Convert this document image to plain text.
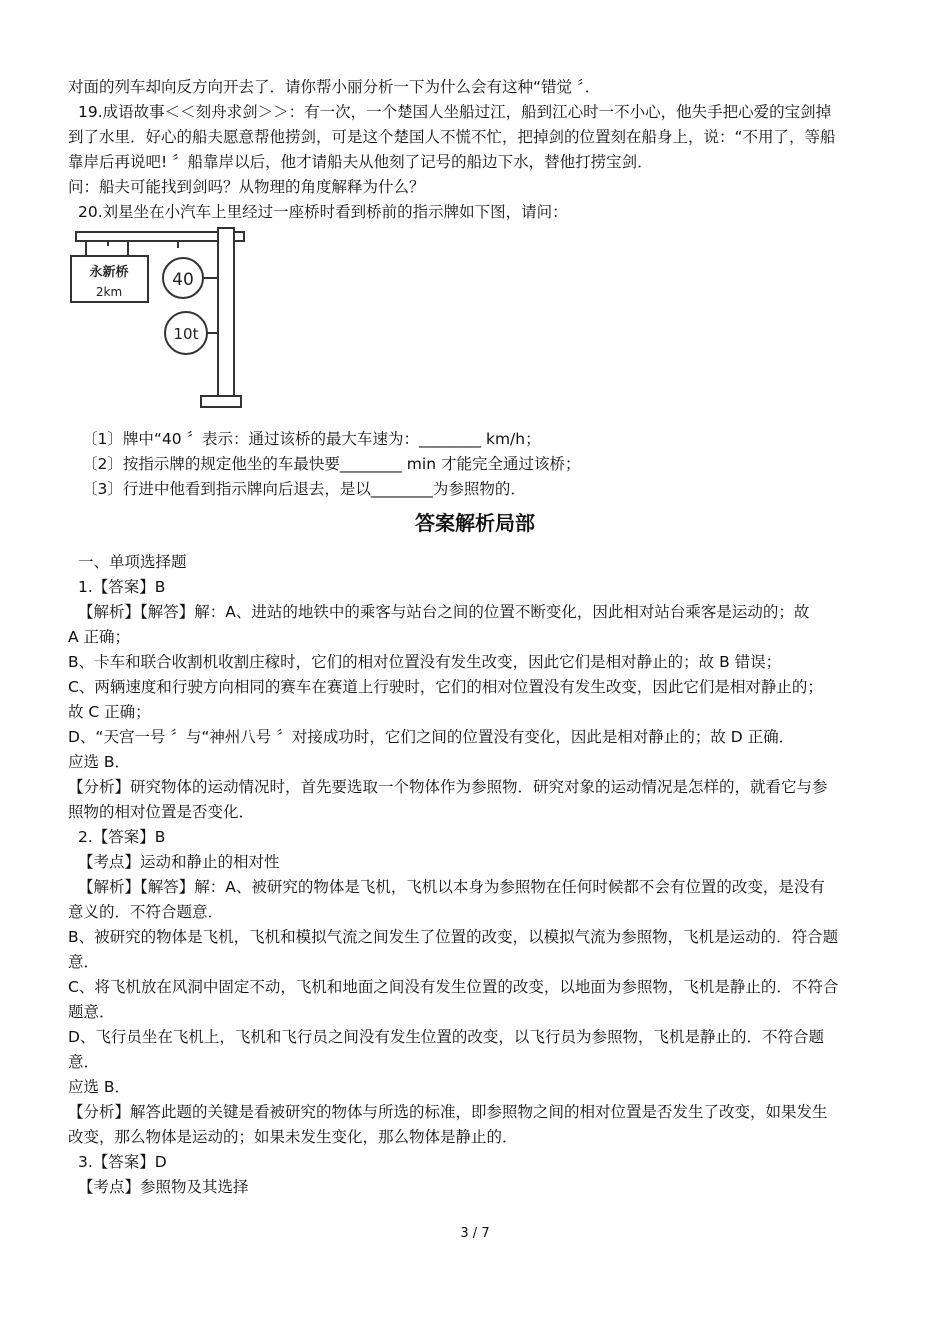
对面的列车却向反方向开去了．请你帮小丽分析一下为什么会有这种“错觉 〞．
19.成语故事＜＜刻舟求剑＞＞：有一次，一个楚国人坐船过江，船到江心时一不小心，他失手把心爱的宝剑掉
到了水里．好心的船夫愿意帮他捞剑，可是这个楚国人不慌不忙，把掉剑的位置刻在船身上，说：“不用了，等船
靠岸后再说吧! 〞船靠岸以后，他才请船夫从他刻了记号的船边下水，替他打捞宝剑．
问：船夫可能找到剑吗？从物理的角度解释为什么？
20.刘星坐在小汽车上里经过一座桥时看到桥前的指示牌如下图，请问：
永新桥
2km
40
10t
〔1〕牌中“40 〞表示：通过该桥的最大车速为：________ km/h；
〔2〕按指示牌的规定他坐的车最快要________ min 才能完全通过该桥；
〔3〕行进中他看到指示牌向后退去，是以________为参照物的．
答案解析局部
一、单项选择题
1.【答案】B
【解析】【解答】解：A、进站的地铁中的乘客与站台之间的位置不断变化，因此相对站台乘客是运动的；故
A 正确；
B、卡车和联合收割机收割庄稼时，它们的相对位置没有发生改变，因此它们是相对静止的；故 B 错误；
C、两辆速度和行驶方向相同的赛车在赛道上行驶时，它们的相对位置没有发生改变，因此它们是相对静止的；
故 C 正确；
D、“天宫一号 〞与“神州八号 〞对接成功时，它们之间的位置没有变化，因此是相对静止的；故 D 正确．
应选 B．
【分析】研究物体的运动情况时，首先要选取一个物体作为参照物．研究对象的运动情况是怎样的，就看它与参
照物的相对位置是否变化．
2.【答案】B
【考点】运动和静止的相对性
【解析】【解答】解：A、被研究的物体是飞机，飞机以本身为参照物在任何时候都不会有位置的改变，是没有
意义的．不符合题意．
B、被研究的物体是飞机，飞机和模拟气流之间发生了位置的改变，以模拟气流为参照物，飞机是运动的．符合题
意．
C、将飞机放在风洞中固定不动，飞机和地面之间没有发生位置的改变，以地面为参照物，飞机是静止的．不符合
题意．
D、飞行员坐在飞机上，飞机和飞行员之间没有发生位置的改变，以飞行员为参照物，飞机是静止的．不符合题
意．
应选 B．
【分析】解答此题的关键是看被研究的物体与所选的标准，即参照物之间的相对位置是否发生了改变，如果发生
改变，那么物体是运动的；如果未发生变化，那么物体是静止的．
3.【答案】D
【考点】参照物及其选择
3 / 7
